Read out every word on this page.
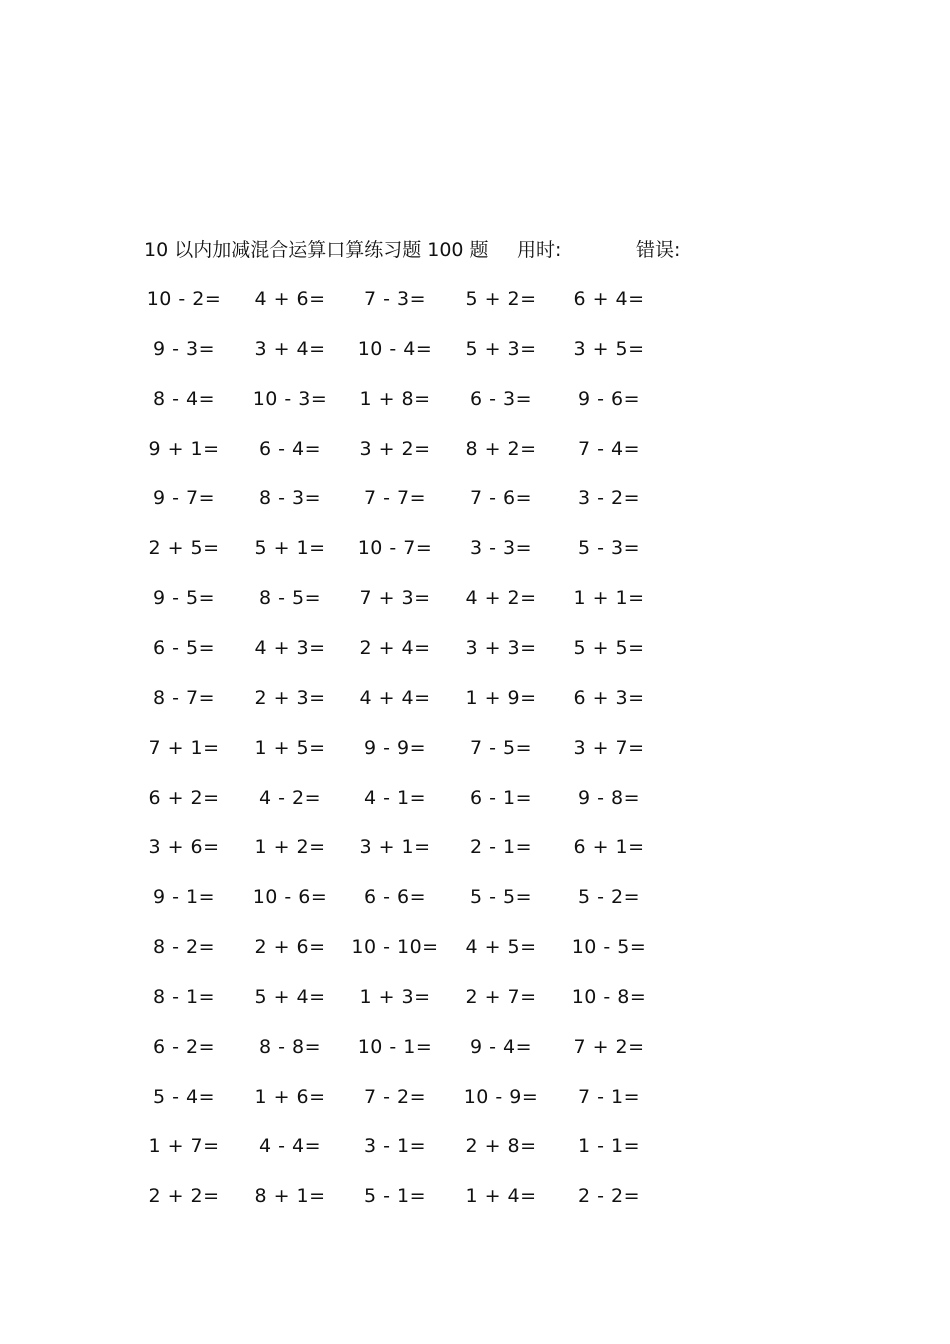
10 以内加减混合运算口算练习题 100 题 用时:	错误:
10 - 2= 4 + 6= 7 - 3= 5 + 2= 6 + 4=
9 - 3= 3 + 4= 10 - 4= 5 + 3= 3 + 5=
8 - 4= 10 - 3= 1 + 8= 6 - 3= 9 - 6=
9 + 1= 6 - 4= 3 + 2= 8 + 2= 7 - 4=
9 - 7= 8 - 3= 7 - 7= 7 - 6= 3 - 2=
2 + 5= 5 + 1= 10 - 7= 3 - 3= 5 - 3=
9 - 5= 8 - 5= 7 + 3= 4 + 2= 1 + 1=
6 - 5= 4 + 3= 2 + 4= 3 + 3= 5 + 5=
8 - 7= 2 + 3= 4 + 4= 1 + 9= 6 + 3=
7 + 1= 1 + 5= 9 - 9= 7 - 5= 3 + 7=
6 + 2= 4 - 2= 4 - 1= 6 - 1= 9 - 8=
3 + 6= 1 + 2= 3 + 1= 2 - 1= 6 + 1=
9 - 1= 10 - 6= 6 - 6= 5 - 5= 5 - 2=
8 - 2= 2 + 6= 10 - 10= 4 + 5= 10 - 5=
8 - 1= 5 + 4= 1 + 3= 2 + 7= 10 - 8=
6 - 2= 8 - 8= 10 - 1= 9 - 4= 7 + 2=
5 - 4= 1 + 6= 7 - 2= 10 - 9= 7 - 1=
1 + 7= 4 - 4= 3 - 1= 2 + 8= 1 - 1=
2 + 2= 8 + 1= 5 - 1= 1 + 4= 2 - 2=
